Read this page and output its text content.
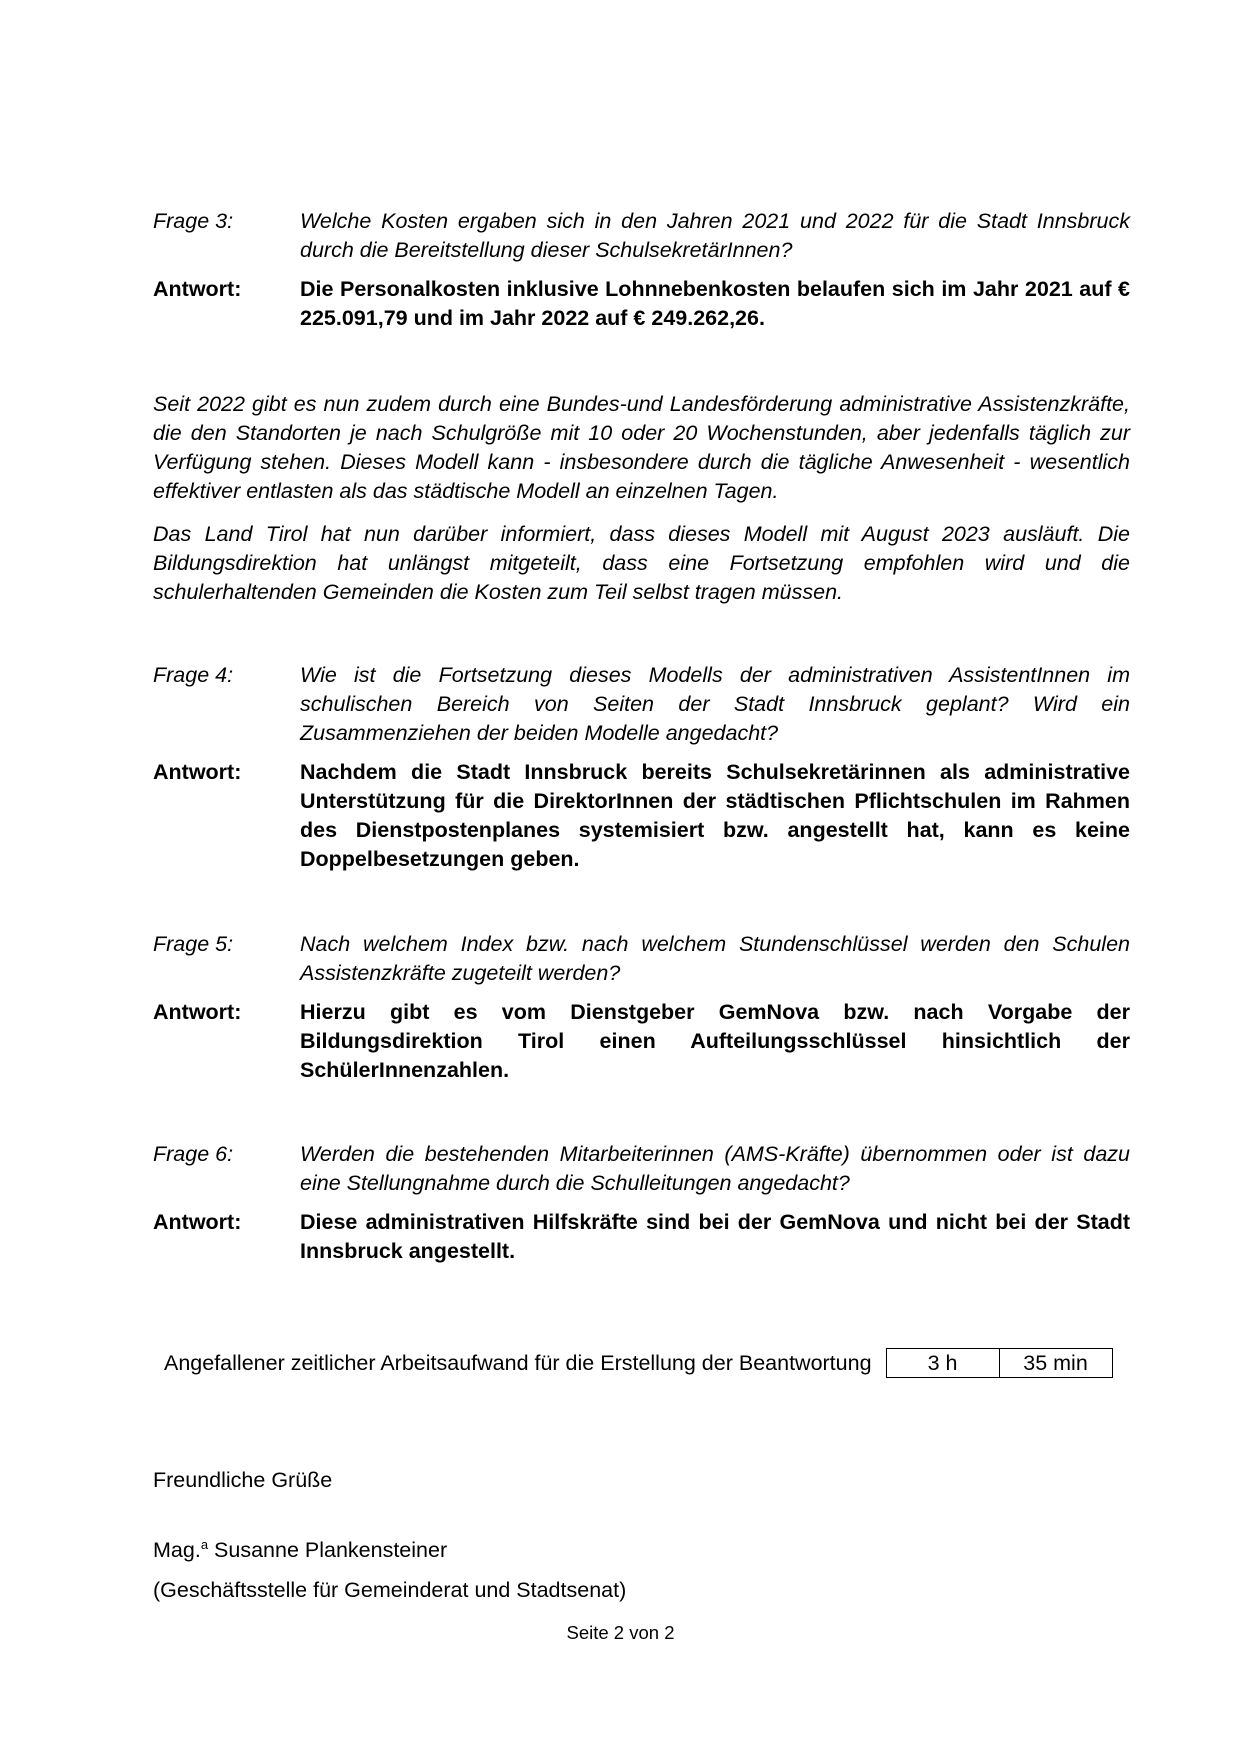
Frage 3:	Welche Kosten ergaben sich in den Jahren 2021 und 2022 für die Stadt Innsbruck durch die Bereitstellung dieser SchulsekretärInnen?
Antwort:	Die Personalkosten inklusive Lohnnebenkosten belaufen sich im Jahr 2021 auf € 225.091,79 und im Jahr 2022 auf € 249.262,26.
Seit 2022 gibt es nun zudem durch eine Bundes-und Landesförderung administrative Assistenzkräfte, die den Standorten je nach Schulgröße mit 10 oder 20 Wochenstunden, aber jedenfalls täglich zur Verfügung stehen. Dieses Modell kann - insbesondere durch die tägliche Anwesenheit - wesentlich effektiver entlasten als das städtische Modell an einzelnen Tagen.
Das Land Tirol hat nun darüber informiert, dass dieses Modell mit August 2023 ausläuft. Die Bildungsdirektion hat unlängst mitgeteilt, dass eine Fortsetzung empfohlen wird und die schulerhaltenden Gemeinden die Kosten zum Teil selbst tragen müssen.
Frage 4:	Wie ist die Fortsetzung dieses Modells der administrativen AssistentInnen im schulischen Bereich von Seiten der Stadt Innsbruck geplant? Wird ein Zusammenziehen der beiden Modelle angedacht?
Antwort:	Nachdem die Stadt Innsbruck bereits Schulsekretärinnen als administrative Unterstützung für die DirektorInnen der städtischen Pflichtschulen im Rahmen des Dienstpostenplanes systemisiert bzw. angestellt hat, kann es keine Doppelbesetzungen geben.
Frage 5:	Nach welchem Index bzw. nach welchem Stundenschlüssel werden den Schulen Assistenzkräfte zugeteilt werden?
Antwort:	Hierzu gibt es vom Dienstgeber GemNova bzw. nach Vorgabe der Bildungsdirektion Tirol einen Aufteilungsschlüssel hinsichtlich der SchülerInnenzahlen.
Frage 6:	Werden die bestehenden Mitarbeiterinnen (AMS-Kräfte) übernommen oder ist dazu eine Stellungnahme durch die Schulleitungen angedacht?
Antwort:	Diese administrativen Hilfskräfte sind bei der GemNova und nicht bei der Stadt Innsbruck angestellt.
Angefallener zeitlicher Arbeitsaufwand für die Erstellung der Beantwortung	3 h	35 min
Freundliche Grüße
Mag.$^a$ Susanne Plankensteiner
(Geschäftsstelle für Gemeinderat und Stadtsenat)
Seite 2 von 2
